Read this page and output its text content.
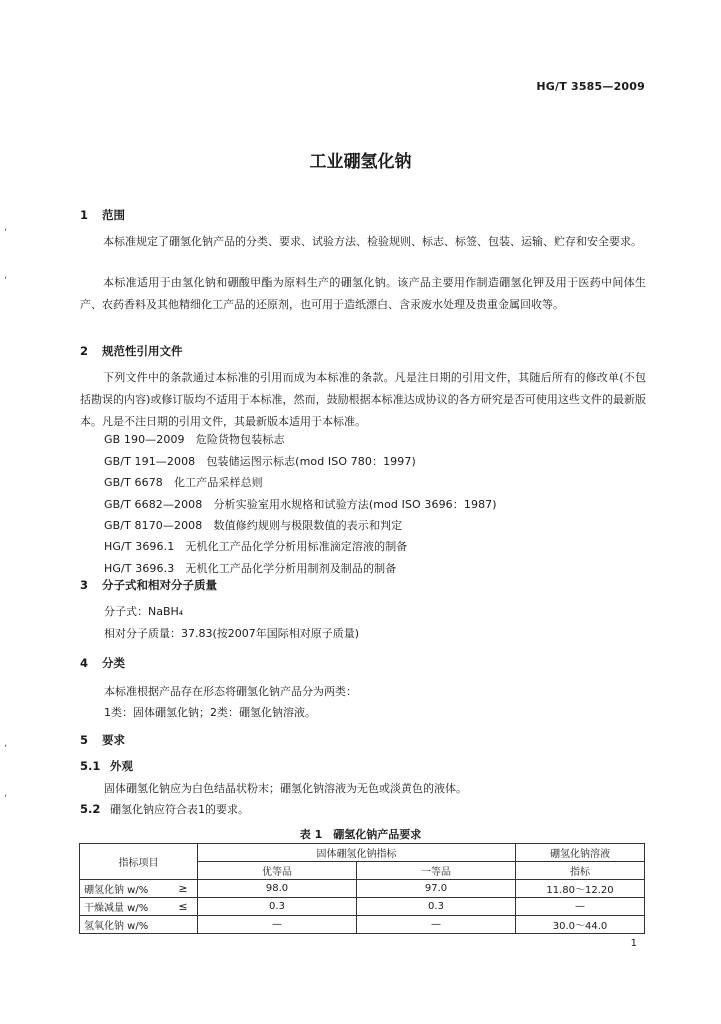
HG/T 3585—2009
工业硼氢化钠
1 范围
本标准规定了硼氢化钠产品的分类、要求、试验方法、检验规则、标志、标签、包装、运输、贮存和安全要求。
本标准适用于由氢化钠和硼酸甲酯为原料生产的硼氢化钠。该产品主要用作制造硼氢化钾及用于医药中间体生产、农药香料及其他精细化工产品的还原剂，也可用于造纸漂白、含汞废水处理及贵重金属回收等。
2 规范性引用文件
下列文件中的条款通过本标准的引用而成为本标准的条款。凡是注日期的引用文件，其随后所有的修改单(不包括勘误的内容)或修订版均不适用于本标准，然而，鼓励根据本标准达成协议的各方研究是否可使用这些文件的最新版本。凡是不注日期的引用文件，其最新版本适用于本标准。
GB 190—2009　危险货物包装标志
GB/T 191—2008　包装储运图示标志(mod ISO 780：1997)
GB/T 6678　化工产品采样总则
GB/T 6682—2008　分析实验室用水规格和试验方法(mod ISO 3696：1987)
GB/T 8170—2008　数值修约规则与极限数值的表示和判定
HG/T 3696.1　无机化工产品化学分析用标准滴定溶液的制备
HG/T 3696.3　无机化工产品化学分析用制剂及制品的制备
3 分子式和相对分子质量
分子式：NaBH₄
相对分子质量：37.83(按2007年国际相对原子质量)
4 分类
本标准根据产品存在形态将硼氢化钠产品分为两类：
1类：固体硼氢化钠；2类：硼氢化钠溶液。
5 要求
5.1 外观
固体硼氢化钠应为白色结晶状粉末；硼氢化钠溶液为无色或淡黄色的液体。
5.2 硼氢化钠应符合表1的要求。
表 1　硼氢化钠产品要求
指标项目		固体硼氢化钠指标		硼氢化钠溶液
		优等品	一等品	指标
硼氢化钠 w/%	≥	98.0	97.0	11.80～12.20
干燥减量 w/%	≤	0.3	0.3	—
氢氧化钠 w/%		—	—	30.0～44.0
1
,
,
,
,
